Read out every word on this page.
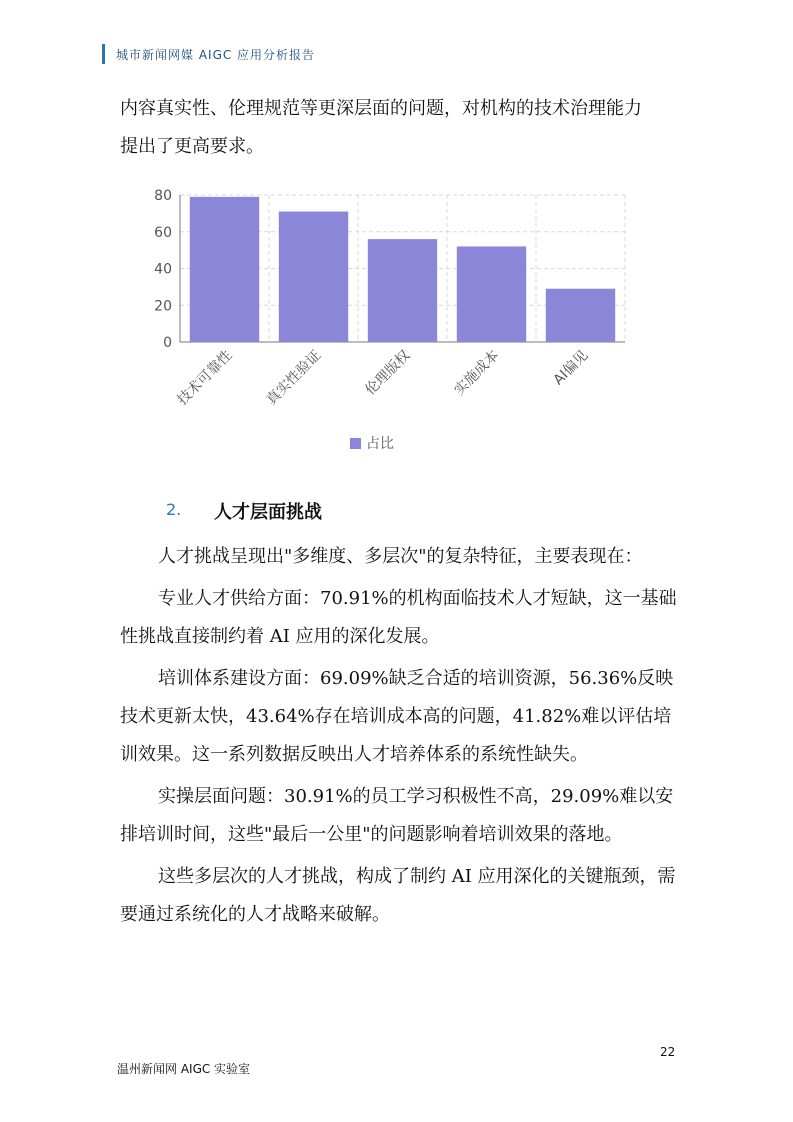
城市新闻网媒 AIGC 应用分析报告

内容真实性、伦理规范等更深层面的问题，对机构的技术治理能力

提出了更高要求。

0
20
40
60
80
技术可靠性 真实性验证	伦理版权	实施成本	AI偏见
占比
2. 人才层面挑战

人才挑战呈现出"多维度、多层次"的复杂特征，主要表现在：

专业人才供给方面：70.91%的机构面临技术人才短缺，这一基础性挑战直接制约着 AI 应用的深化发展。

培训体系建设方面：69.09%缺乏合适的培训资源，56.36%反映技术更新太快，43.64%存在培训成本高的问题，41.82%难以评估培训效果。这一系列数据反映出人才培养体系的系统性缺失。

实操层面问题：30.91%的员工学习积极性不高，29.09%难以安排培训时间，这些"最后一公里"的问题影响着培训效果的落地。

这些多层次的人才挑战，构成了制约 AI 应用深化的关键瓶颈，需要通过系统化的人才战略来破解。

22
温州新闻网 AIGC 实验室
